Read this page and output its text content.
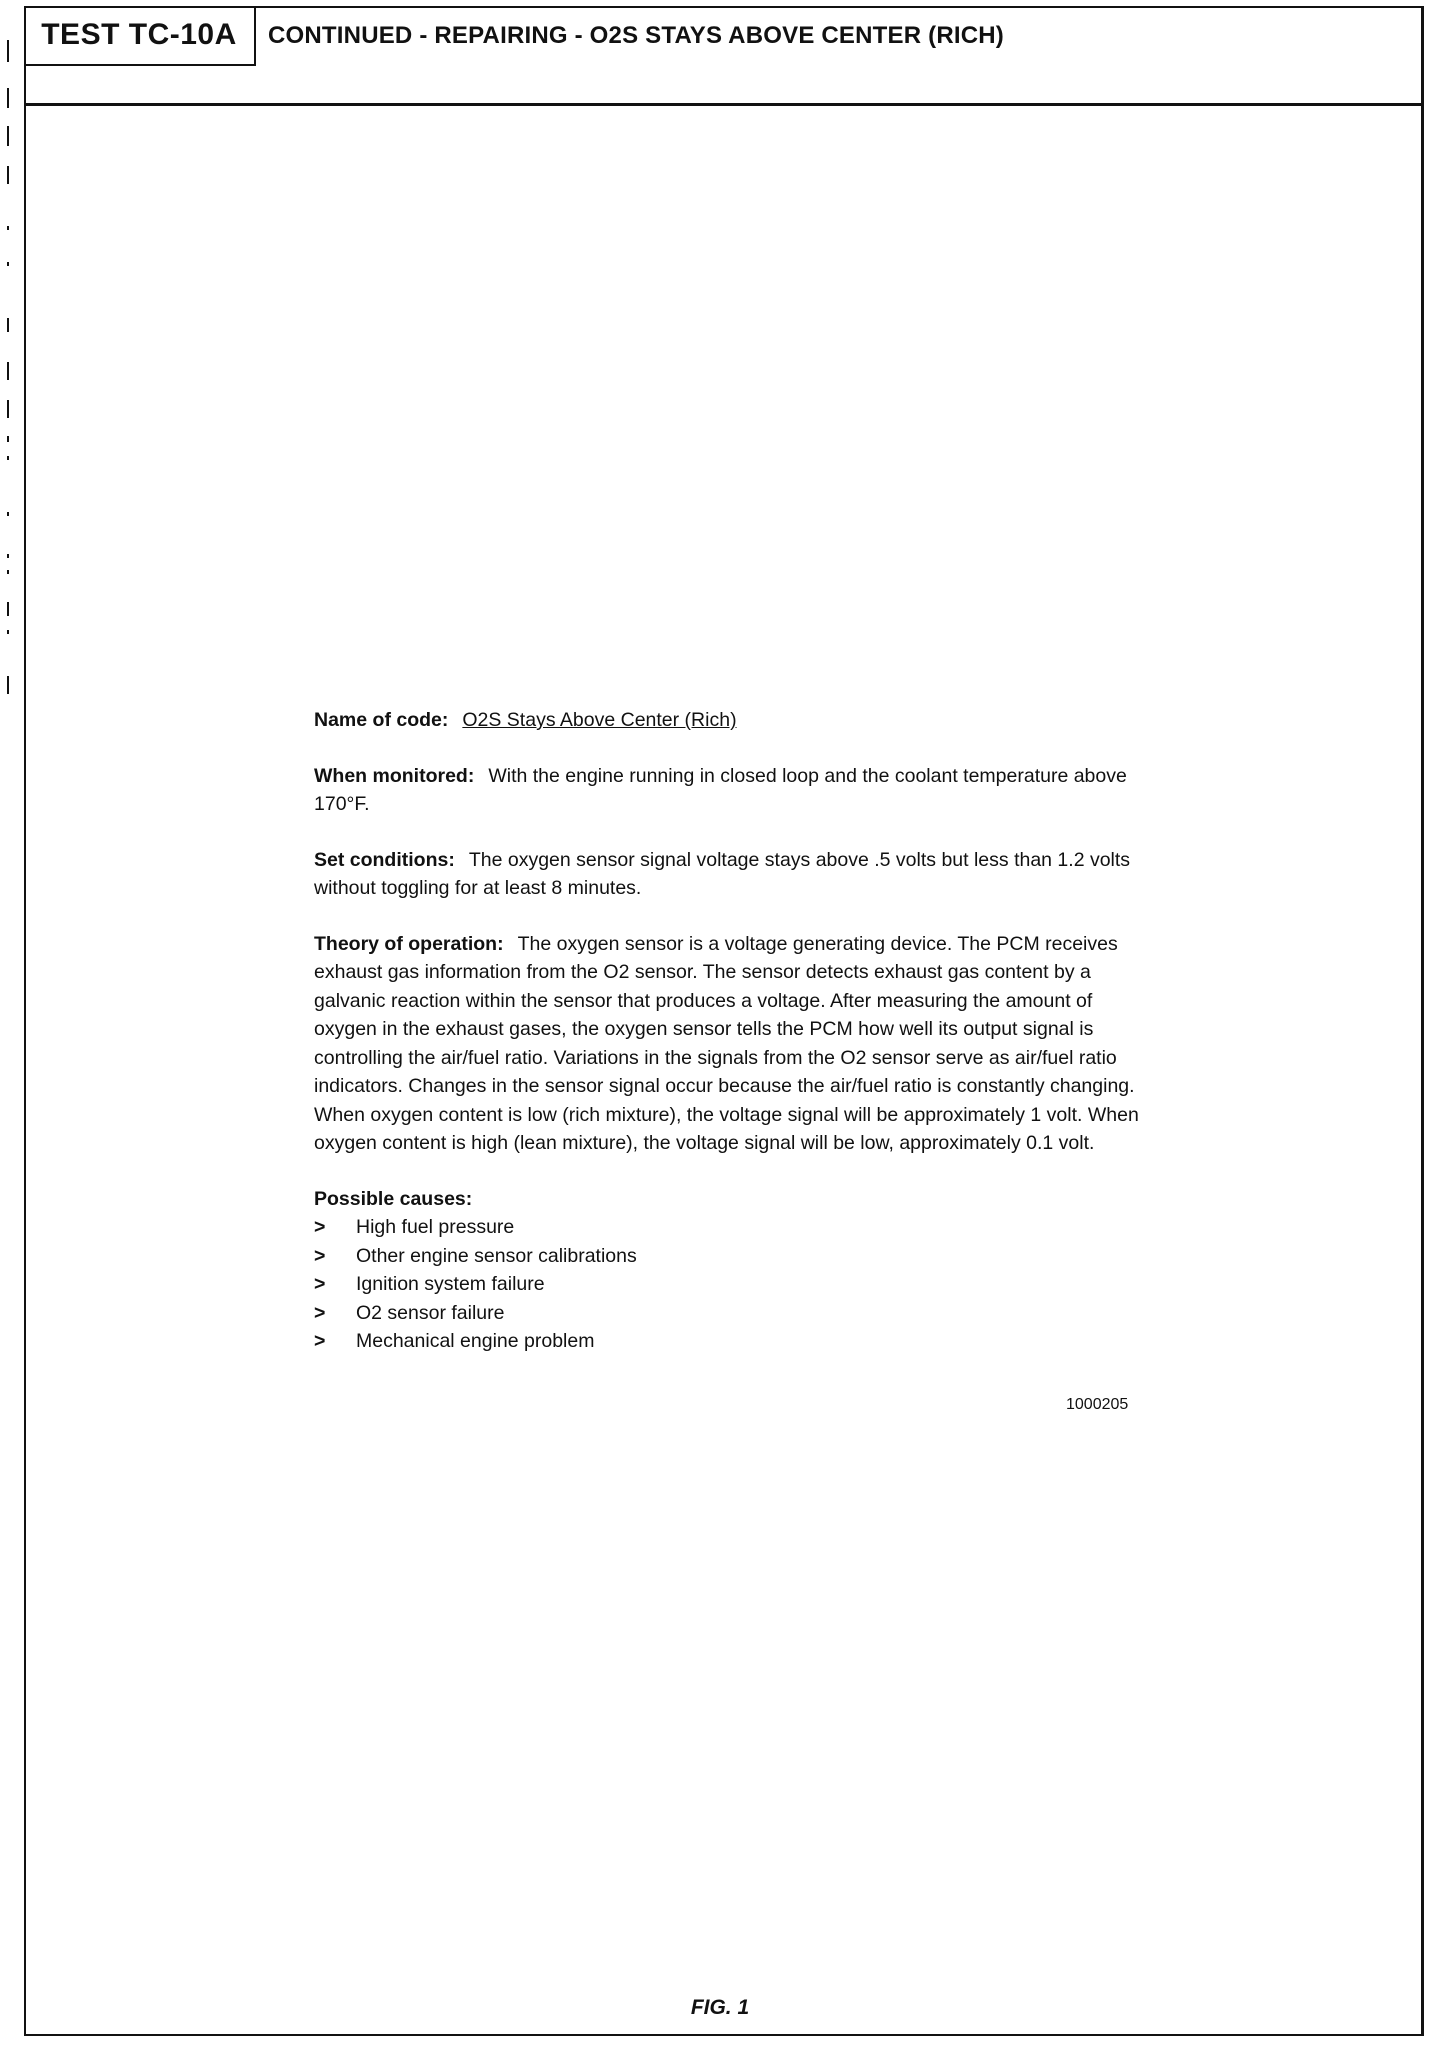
TEST TC-10A	CONTINUED - REPAIRING - O2S STAYS ABOVE CENTER (RICH)

Name of code: O2S Stays Above Center (Rich)

When monitored: With the engine running in closed loop and the coolant temperature above 170°F.

Set conditions: The oxygen sensor signal voltage stays above .5 volts but less than 1.2 volts without toggling for at least 8 minutes.

Theory of operation: The oxygen sensor is a voltage generating device. The PCM receives exhaust gas information from the O2 sensor. The sensor detects exhaust gas content by a galvanic reaction within the sensor that produces a voltage. After measuring the amount of oxygen in the exhaust gases, the oxygen sensor tells the PCM how well its output signal is controlling the air/fuel ratio. Variations in the signals from the O2 sensor serve as air/fuel ratio indicators. Changes in the sensor signal occur because the air/fuel ratio is constantly changing. When oxygen content is low (rich mixture), the voltage signal will be approximately 1 volt. When oxygen content is high (lean mixture), the voltage signal will be low, approximately 0.1 volt.

Possible causes:
> High fuel pressure
> Other engine sensor calibrations
> Ignition system failure
> O2 sensor failure
> Mechanical engine problem
1000205
FIG. 1
